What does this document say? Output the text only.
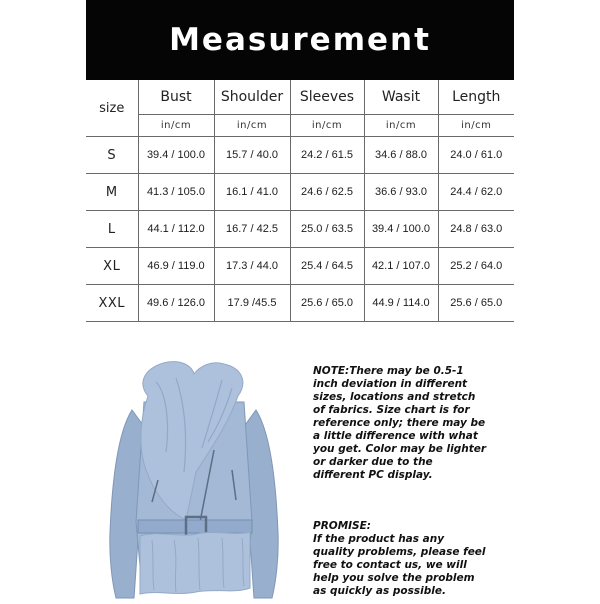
Measurement
size	Bust	Shoulder	Sleeves	Wasit	Length
	in/cm	in/cm	in/cm	in/cm	in/cm
S	39.4 / 100.0	15.7 / 40.0	24.2 / 61.5	34.6 / 88.0	24.0 / 61.0
M	41.3 / 105.0	16.1 / 41.0	24.6 / 62.5	36.6 / 93.0	24.4 / 62.0
L	44.1 / 112.0	16.7 / 42.5	25.0 / 63.5	39.4 / 100.0	24.8 / 63.0
XL	46.9 / 119.0	17.3 / 44.0	25.4 / 64.5	42.1 / 107.0	25.2 / 64.0
XXL	49.6 / 126.0	17.9 /45.5	25.6 / 65.0	44.9 / 114.0	25.6 / 65.0

NOTE:There may be 0.5-1 inch deviation in different sizes, locations and stretch of fabrics. Size chart is for reference only; there may be a little difference with what you get. Color may be lighter or darker due to the different PC display.

PROMISE:

If the product has any quality problems, please feel free to contact us, we will help you solve the problem as quickly as possible.
